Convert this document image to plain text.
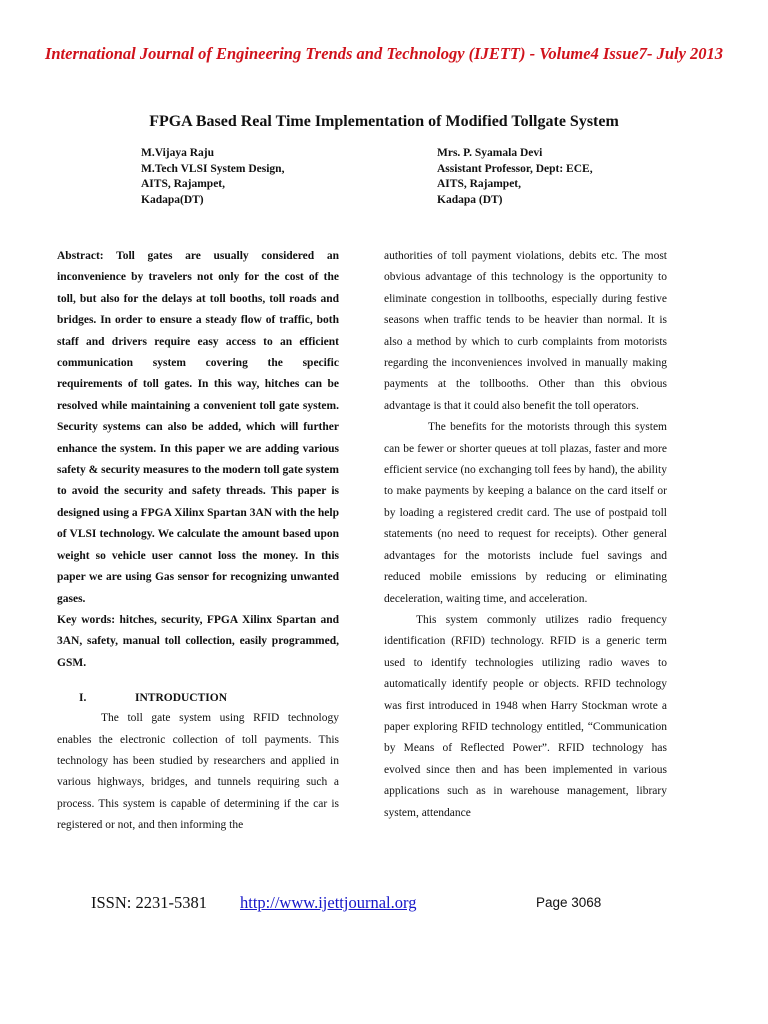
International Journal of Engineering Trends and Technology (IJETT) - Volume4 Issue7- July 2013

FPGA Based Real Time Implementation of Modified Tollgate System
M.Vijaya Raju
M.Tech VLSI System Design,
AITS, Rajampet,
Kadapa(DT)
Mrs. P. Syamala Devi
Assistant Professor, Dept: ECE,
AITS, Rajampet,
Kadapa (DT)

Abstract: Toll gates are usually considered an inconvenience by travelers not only for the cost of the toll, but also for the delays at toll booths, toll roads and bridges. In order to ensure a steady flow of traffic, both staff and drivers require easy access to an efficient communication system covering the specific requirements of toll gates. In this way, hitches can be resolved while maintaining a convenient toll gate system. Security systems can also be added, which will further enhance the system. In this paper we are adding various safety & security measures to the modern toll gate system to avoid the security and safety threads. This paper is designed using a FPGA Xilinx Spartan 3AN with the help of VLSI technology. We calculate the amount based upon weight so vehicle user cannot loss the money. In this paper we are using Gas sensor for recognizing unwanted gases.

Key words: hitches, security, FPGA Xilinx Spartan and 3AN, safety, manual toll collection, easily programmed, GSM.

I.	INTRODUCTION

The toll gate system using RFID technology enables the electronic collection of toll payments. This technology has been studied by researchers and applied in various highways, bridges, and tunnels requiring such a process. This system is capable of determining if the car is registered or not, and then informing the

authorities of toll payment violations, debits etc. The most obvious advantage of this technology is the opportunity to eliminate congestion in tollbooths, especially during festive seasons when traffic tends to be heavier than normal. It is also a method by which to curb complaints from motorists regarding the inconveniences involved in manually making payments at the tollbooths. Other than this obvious advantage is that it could also benefit the toll operators.

The benefits for the motorists through this system can be fewer or shorter queues at toll plazas, faster and more efficient service (no exchanging toll fees by hand), the ability to make payments by keeping a balance on the card itself or by loading a registered credit card. The use of postpaid toll statements (no need to request for receipts). Other general advantages for the motorists include fuel savings and reduced mobile emissions by reducing or eliminating deceleration, waiting time, and acceleration.

This system commonly utilizes radio frequency identification (RFID) technology. RFID is a generic term used to identify technologies utilizing radio waves to automatically identify people or objects. RFID technology was first introduced in 1948 when Harry Stockman wrote a paper exploring RFID technology entitled, “Communication by Means of Reflected Power”. RFID technology has evolved since then and has been implemented in various applications such as in warehouse management, library system, attendance

ISSN: 2231-5381 http://www.ijettjournal.org	Page 3068
